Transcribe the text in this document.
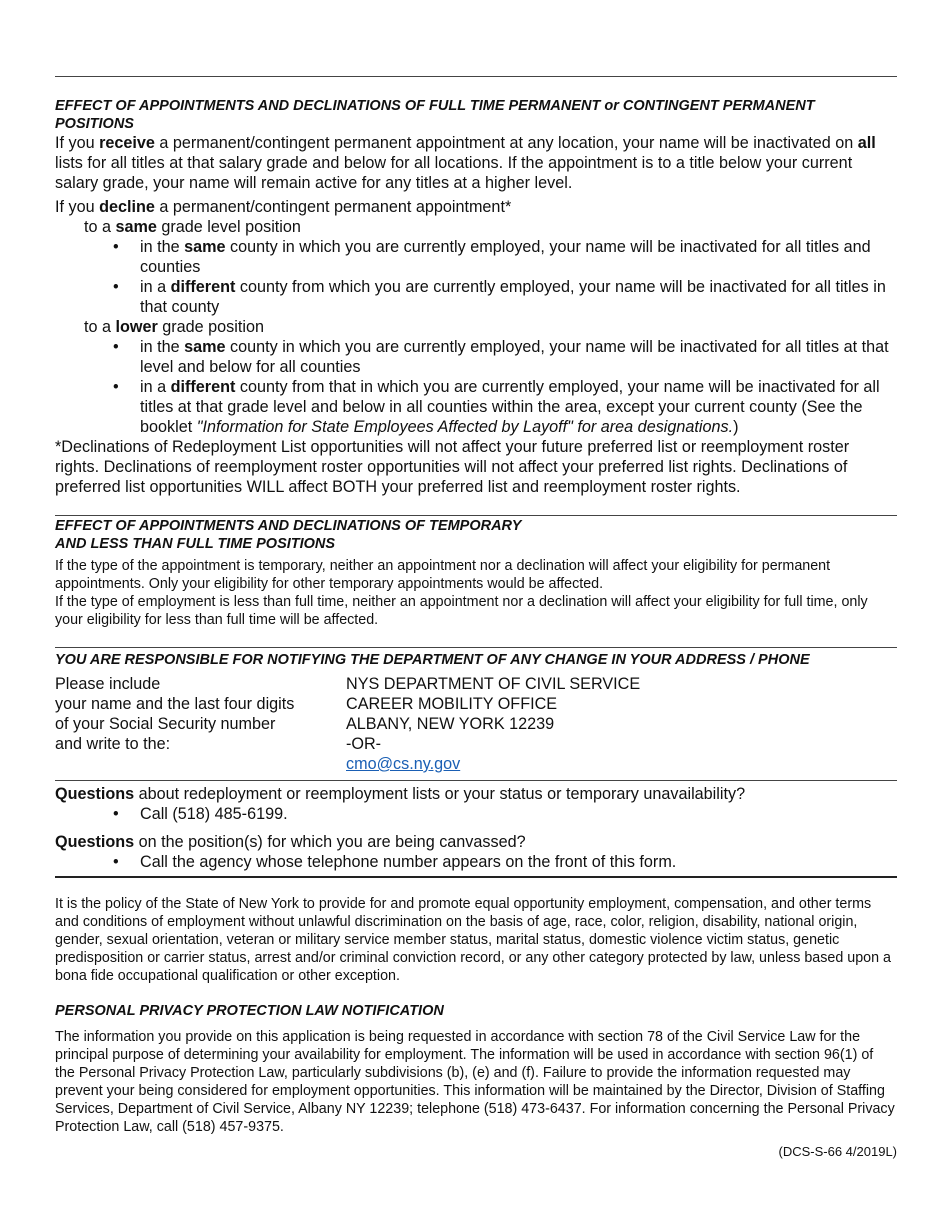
EFFECT OF APPOINTMENTS AND DECLINATIONS OF FULL TIME PERMANENT or CONTINGENT PERMANENT POSITIONS

If you receive a permanent/contingent permanent appointment at any location, your name will be inactivated on all lists for all titles at that salary grade and below for all locations. If the appointment is to a title below your current salary grade, your name will remain active for any titles at a higher level.

If you decline a permanent/contingent permanent appointment*

to a same grade level position

• in the same county in which you are currently employed, your name will be inactivated for all titles and counties
• in a different county from which you are currently employed, your name will be inactivated for all titles in that county

to a lower grade position

• in the same county in which you are currently employed, your name will be inactivated for all titles at that level and below for all counties
• in a different county from that in which you are currently employed, your name will be inactivated for all titles at that grade level and below in all counties within the area, except your current county (See the booklet "Information for State Employees Affected by Layoff" for area designations.)

*Declinations of Redeployment List opportunities will not affect your future preferred list or reemployment roster rights. Declinations of reemployment roster opportunities will not affect your preferred list rights. Declinations of preferred list opportunities WILL affect BOTH your preferred list and reemployment roster rights.

EFFECT OF APPOINTMENTS AND DECLINATIONS OF TEMPORARY

AND LESS THAN FULL TIME POSITIONS

If the type of the appointment is temporary, neither an appointment nor a declination will affect your eligibility for permanent appointments. Only your eligibility for other temporary appointments would be affected.

If the type of employment is less than full time, neither an appointment nor a declination will affect your eligibility for full time, only your eligibility for less than full time will be affected.

YOU ARE RESPONSIBLE FOR NOTIFYING THE DEPARTMENT OF ANY CHANGE IN YOUR ADDRESS / PHONE

Please include

your name and the last four digits

of your Social Security number

and write to the:

NYS DEPARTMENT OF CIVIL SERVICE

CAREER MOBILITY OFFICE

ALBANY, NEW YORK 12239

-OR-

cmo@cs.ny.gov

Questions about redeployment or reemployment lists or your status or temporary unavailability?

• Call (518) 485-6199.

Questions on the position(s) for which you are being canvassed?

• Call the agency whose telephone number appears on the front of this form.

It is the policy of the State of New York to provide for and promote equal opportunity employment, compensation, and other terms and conditions of employment without unlawful discrimination on the basis of age, race, color, religion, disability, national origin, gender, sexual orientation, veteran or military service member status, marital status, domestic violence victim status, genetic predisposition or carrier status, arrest and/or criminal conviction record, or any other category protected by law, unless based upon a bona fide occupational qualification or other exception.

PERSONAL PRIVACY PROTECTION LAW NOTIFICATION

The information you provide on this application is being requested in accordance with section 78 of the Civil Service Law for the principal purpose of determining your availability for employment. The information will be used in accordance with section 96(1) of the Personal Privacy Protection Law, particularly subdivisions (b), (e) and (f). Failure to provide the information requested may prevent your being considered for employment opportunities. This information will be maintained by the Director, Division of Staffing Services, Department of Civil Service, Albany NY 12239; telephone (518) 473-6437. For information concerning the Personal Privacy Protection Law, call (518) 457-9375.

(DCS-S-66 4/2019L)
